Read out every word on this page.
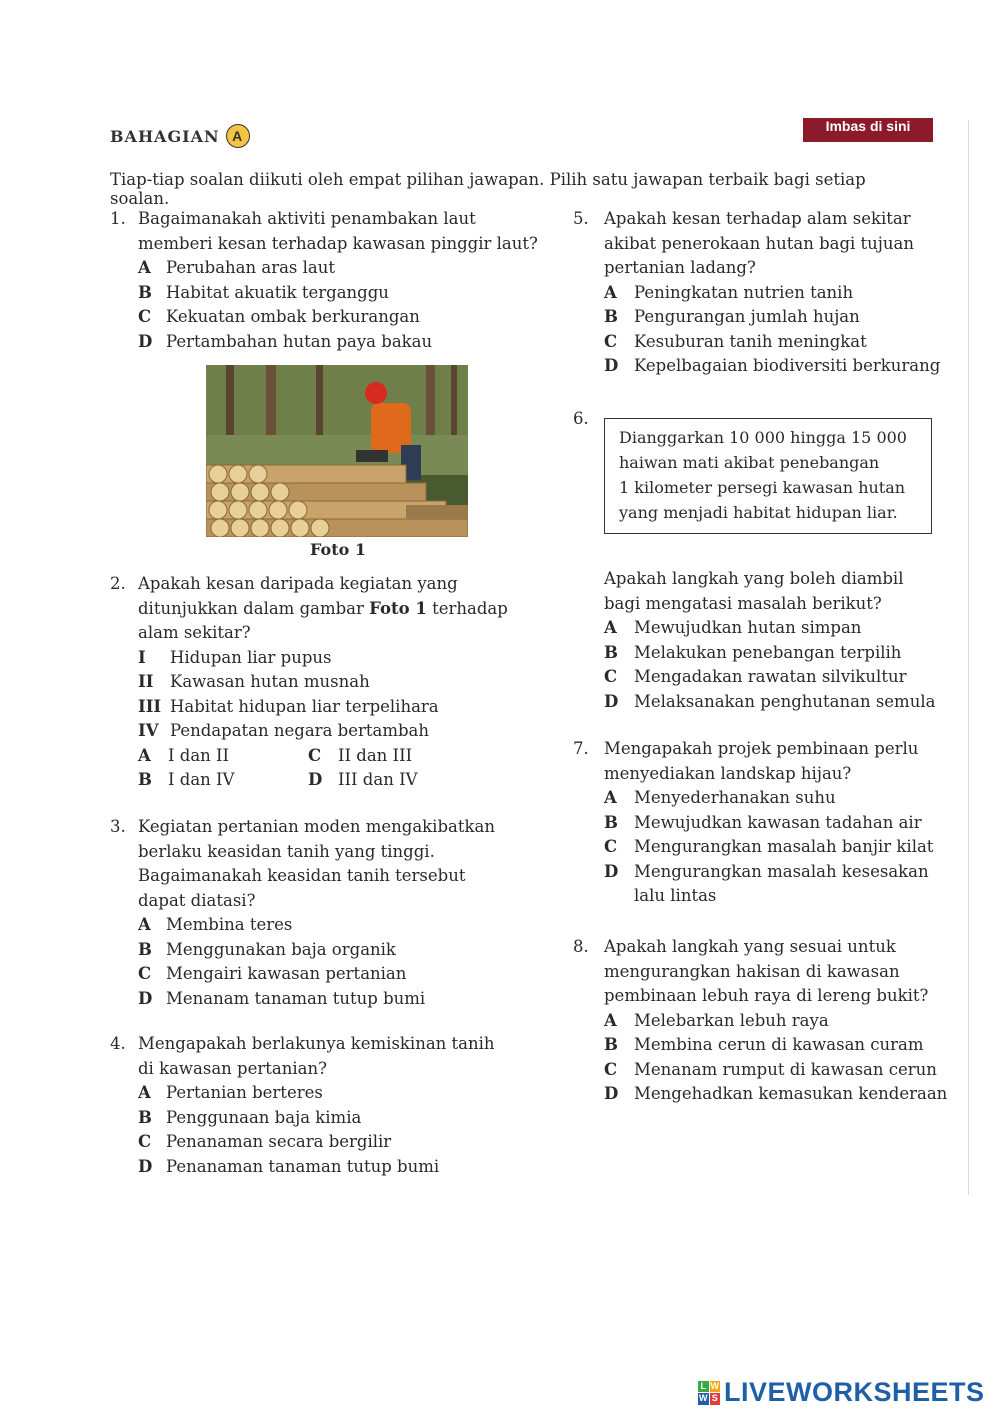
BAHAGIAN A
Imbas di sini
Tiap-tiap soalan diikuti oleh empat pilihan jawapan. Pilih satu jawapan terbaik bagi setiap soalan.
1. Bagaimanakah aktiviti penambakan laut
memberi kesan terhadap kawasan pinggir laut?
A Perubahan aras laut
B Habitat akuatik terganggu
C Kekuatan ombak berkurangan
D Pertambahan hutan paya bakau
Foto 1
2. Apakah kesan daripada kegiatan yang
ditunjukkan dalam gambar Foto 1 terhadap
alam sekitar?
I	Hidupan liar pupus
II	Kawasan hutan musnah
III Habitat hidupan liar terpelihara
IV Pendapatan negara bertambah
A	I dan II	C	II dan III
B I dan IV	D III dan IV
3. Kegiatan pertanian moden mengakibatkan
berlaku keasidan tanih yang tinggi.
Bagaimanakah keasidan tanih tersebut
dapat diatasi?
A Membina teres
B Menggunakan baja organik
C Mengairi kawasan pertanian
D Menanam tanaman tutup bumi
4. Mengapakah berlakunya kemiskinan tanih
di kawasan pertanian?
A Pertanian berteres
B Penggunaan baja kimia
C Penanaman secara bergilir
D Penanaman tanaman tutup bumi
5. Apakah kesan terhadap alam sekitar
akibat penerokaan hutan bagi tujuan
pertanian ladang?
A	Peningkatan nutrien tanih
B Pengurangan jumlah hujan
C	Kesuburan tanih meningkat
D Kepelbagaian biodiversiti berkurang
6.
Dianggarkan 10 000 hingga 15 000
haiwan mati akibat penebangan
1 kilometer persegi kawasan hutan
yang menjadi habitat hidupan liar.
Apakah langkah yang boleh diambil
bagi mengatasi masalah berikut?
A	Mewujudkan hutan simpan
B Melakukan penebangan terpilih
C	Mengadakan rawatan silvikultur
D Melaksanakan penghutanan semula
7. Mengapakah projek pembinaan perlu
menyediakan landskap hijau?
A	Menyederhanakan suhu
B Mewujudkan kawasan tadahan air
C	Mengurangkan masalah banjir kilat
D Mengurangkan masalah kesesakan
lalu lintas
8. Apakah langkah yang sesuai untuk
mengurangkan hakisan di kawasan
pembinaan lebuh raya di lereng bukit?
A	Melebarkan lebuh raya
B Membina cerun di kawasan curam
C	Menanam rumput di kawasan cerun
D Mengehadkan kemasukan kenderaan
L W
W S LIVEWORKSHEETS
